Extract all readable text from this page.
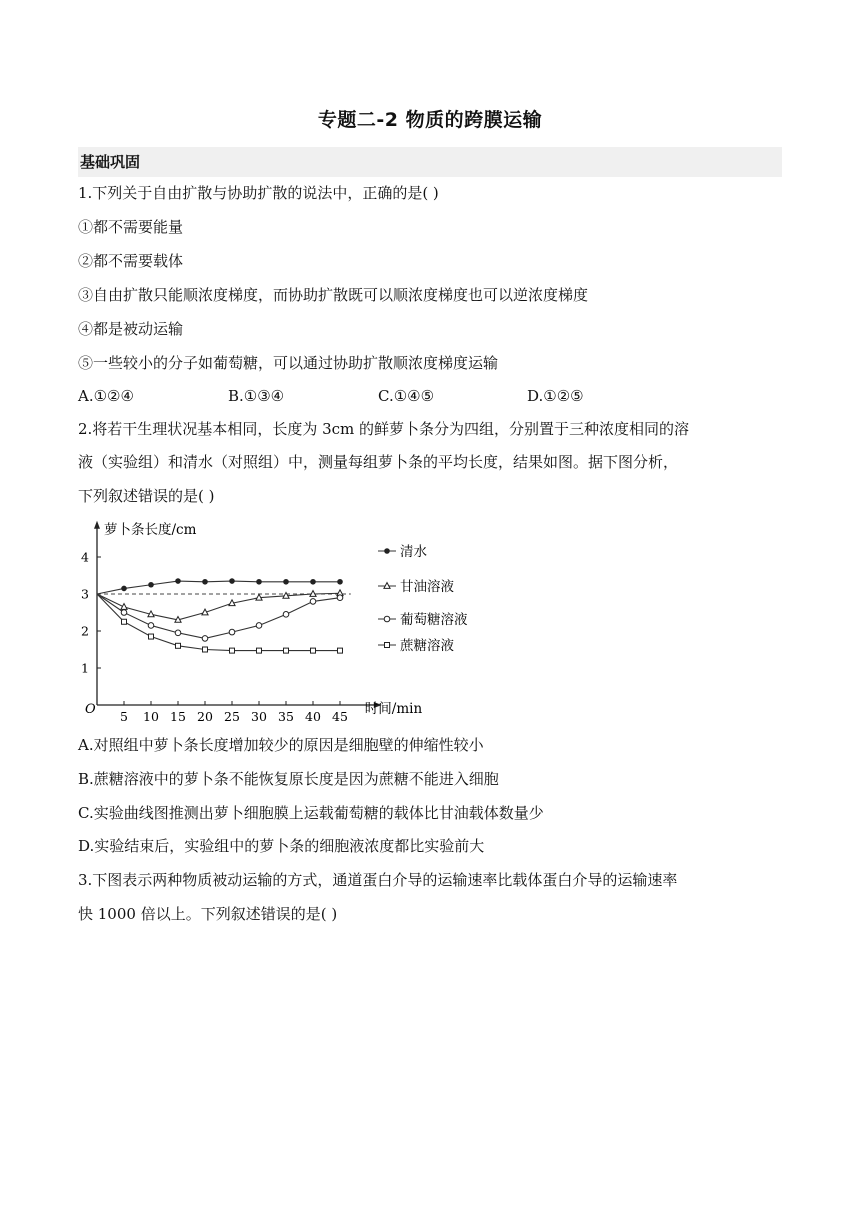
专题二-2 物质的跨膜运输
基础巩固
1.下列关于自由扩散与协助扩散的说法中，正确的是( )
①都不需要能量
②都不需要载体
③自由扩散只能顺浓度梯度，而协助扩散既可以顺浓度梯度也可以逆浓度梯度
④都是被动运输
⑤一些较小的分子如葡萄糖，可以通过协助扩散顺浓度梯度运输
A.①②④	B.①③④	C.①④⑤	D.①②⑤
2.将若干生理状况基本相同，长度为 3cm 的鲜萝卜条分为四组，分别置于三种浓度相同的溶
液（实验组）和清水（对照组）中，测量每组萝卜条的平均长度，结果如图。据下图分析，
下列叙述错误的是( )
萝卜条长度/cm
时间/min
O 5 10 15 20 25 30 35 40 45
1
2
3
4	清水
甘油溶液
葡萄糖溶液
蔗糖溶液
A.对照组中萝卜条长度增加较少的原因是细胞壁的伸缩性较小
B.蔗糖溶液中的萝卜条不能恢复原长度是因为蔗糖不能进入细胞
C.实验曲线图推测出萝卜细胞膜上运载葡萄糖的载体比甘油载体数量少
D.实验结束后，实验组中的萝卜条的细胞液浓度都比实验前大
3.下图表示两种物质被动运输的方式，通道蛋白介导的运输速率比载体蛋白介导的运输速率
快 1000 倍以上。下列叙述错误的是( )
